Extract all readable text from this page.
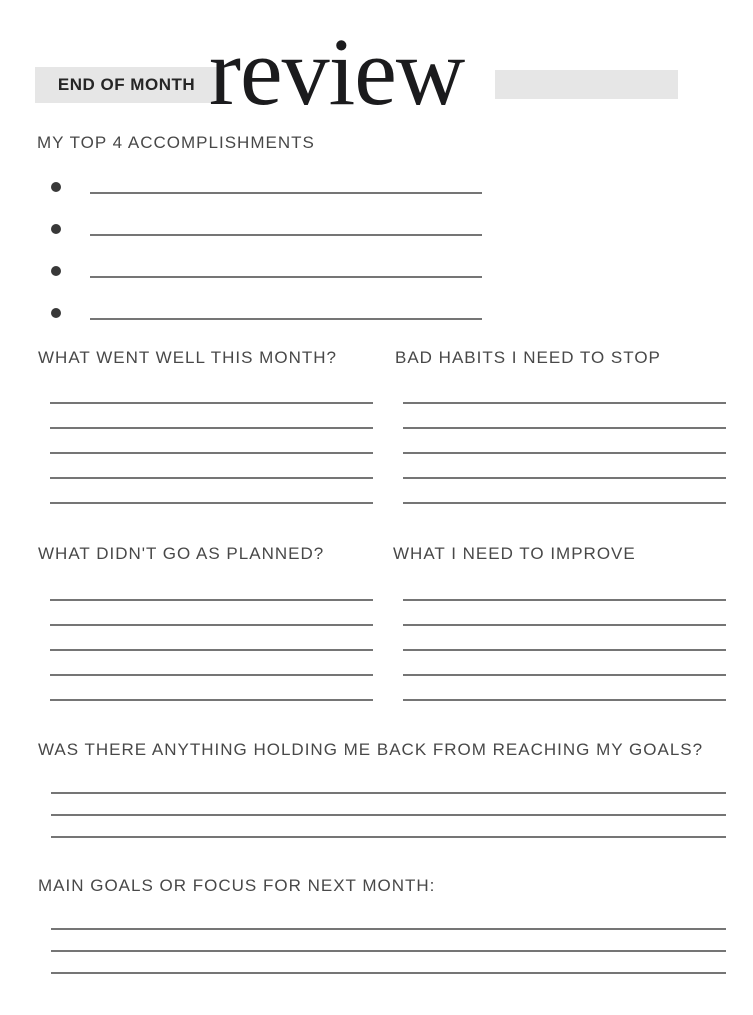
END OF MONTH review
MY TOP 4 ACCOMPLISHMENTS
WHAT WENT WELL THIS MONTH?	BAD HABITS I NEED TO STOP
WHAT DIDN'T GO AS PLANNED?	WHAT I NEED TO IMPROVE
WAS THERE ANYTHING HOLDING ME BACK FROM REACHING MY GOALS?
MAIN GOALS OR FOCUS FOR NEXT MONTH:
